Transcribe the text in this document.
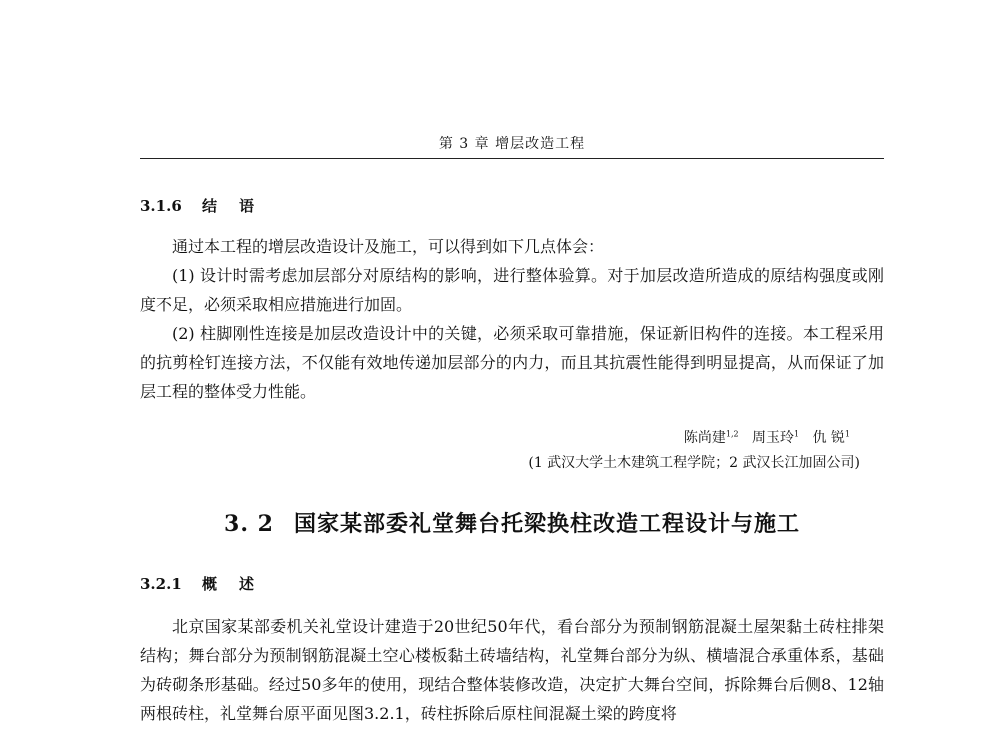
第 3 章 增层改造工程
3.1.6 结语

通过本工程的增层改造设计及施工，可以得到如下几点体会：

(1) 设计时需考虑加层部分对原结构的影响，进行整体验算。对于加层改造所造成的原结构强度或刚度不足，必须采取相应措施进行加固。

(2) 柱脚刚性连接是加层改造设计中的关键，必须采取可靠措施，保证新旧构件的连接。本工程采用的抗剪栓钉连接方法，不仅能有效地传递加层部分的内力，而且其抗震性能得到明显提高，从而保证了加层工程的整体受力性能。

陈尚建$^{1,2}$ 周玉玲$^1$ 仇 锐$^1$
(1 武汉大学土木建筑工程学院；2 武汉长江加固公司)
3. 2 国家某部委礼堂舞台托梁换柱改造工程设计与施工
3.2.1 概述

北京国家某部委机关礼堂设计建造于20世纪50年代，看台部分为预制钢筋混凝土屋架黏土砖柱排架结构；舞台部分为预制钢筋混凝土空心楼板黏土砖墙结构，礼堂舞台部分为纵、横墙混合承重体系，基础为砖砌条形基础。经过50多年的使用，现结合整体装修改造，决定扩大舞台空间，拆除舞台后侧8、12轴两根砖柱，礼堂舞台原平面见图3.2.1，砖柱拆除后原柱间混凝土梁的跨度将
